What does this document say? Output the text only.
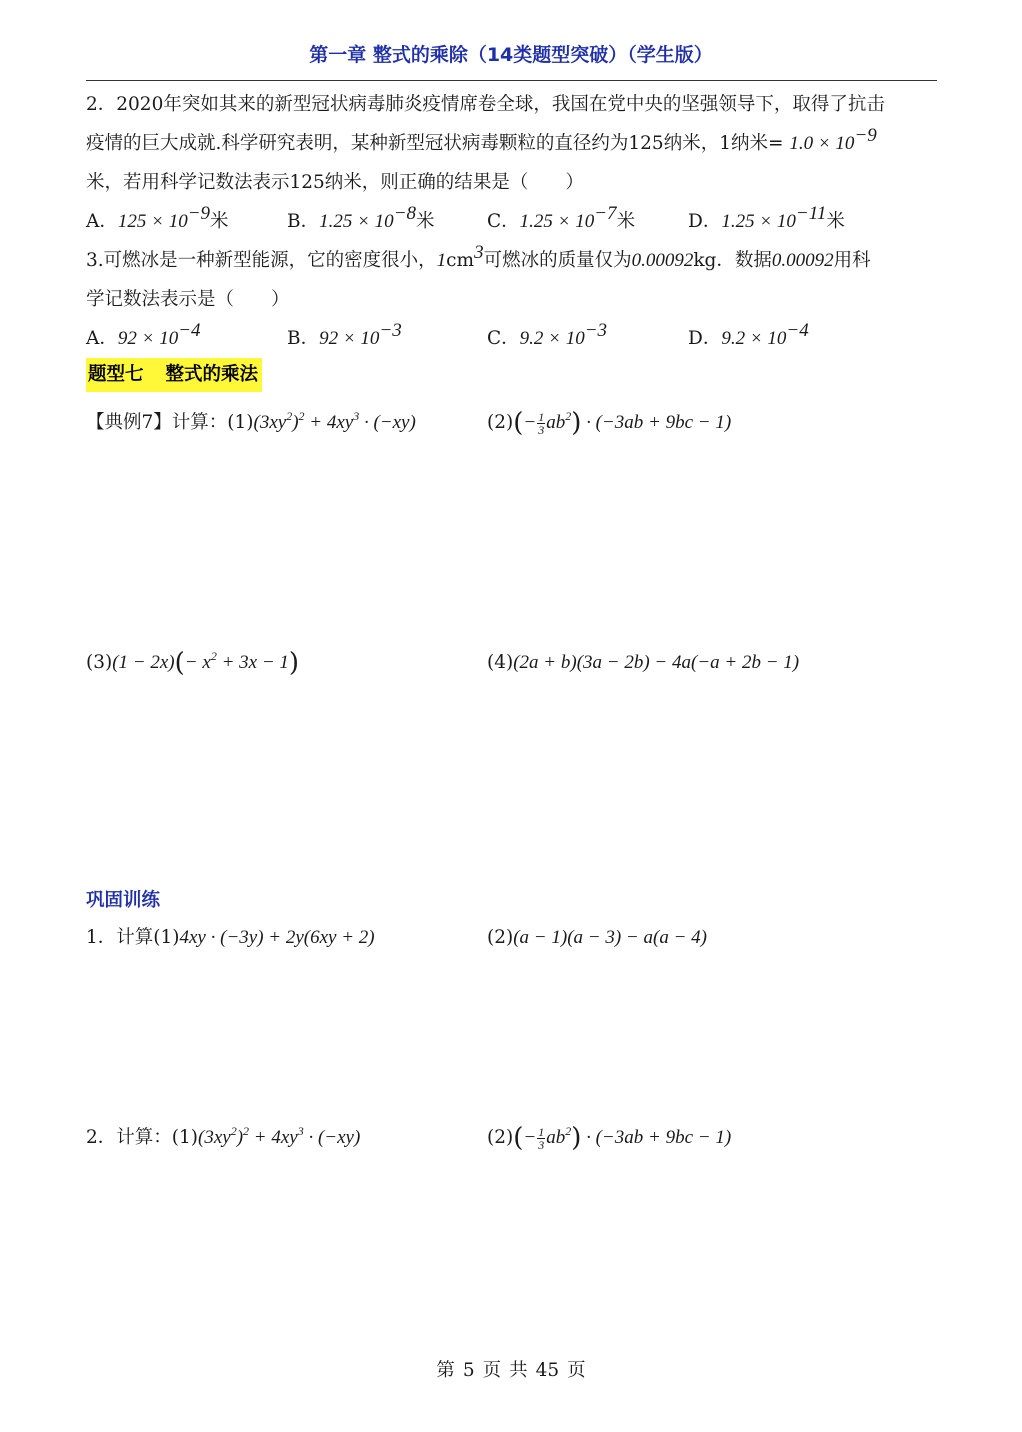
第一章 整式的乘除（14类题型突破）（学生版）
2．2020年突如其来的新型冠状病毒肺炎疫情席卷全球，我国在党中央的坚强领导下，取得了抗击
疫情的巨大成就.科学研究表明，某种新型冠状病毒颗粒的直径约为125纳米，1纳米= $1.0 \times 10^{-9}$
米，若用科学记数法表示125纳米，则正确的结果是（　　）
A．$125 \times 10^{-9}$米	B．$1.25 \times 10^{-8}$米	C．$1.25 \times 10^{-7}$米	D．$1.25 \times 10^{-11}$米
3.可燃冰是一种新型能源，它的密度很小，$1cm^3$可燃冰的质量仅为0.00092kg．数据0.00092用科
学记数法表示是（　　）
A．$92 \times 10^{-4}$	B．$92 \times 10^{-3}$	C．$9.2 \times 10^{-3}$	D．$9.2 \times 10^{-4}$
题型七 整式的乘法
【典例7】计算：$(1)(3xy^2)^2 + 4xy^3 \cdot (-xy)$	$(2)(- \frac{1}{3} ab^2) \cdot (-3ab + 9bc - 1)$
$(3)(1 - 2x)(- x^2 + 3x - 1)$	(4)(2a + b)(3a − 2b) − 4a(−a + 2b − 1)
巩固训练
1．计算(1)4xy · (−3y) + 2y(6xy + 2)	(2)(a − 1)(a − 3) − a(a − 4)
2．计算：$(1)(3xy^2)^2 + 4xy^3 \cdot (-xy)$	$(2)(- \frac{1}{3} ab^2) \cdot (-3ab + 9bc - 1)$
第 5 页 共 45 页
